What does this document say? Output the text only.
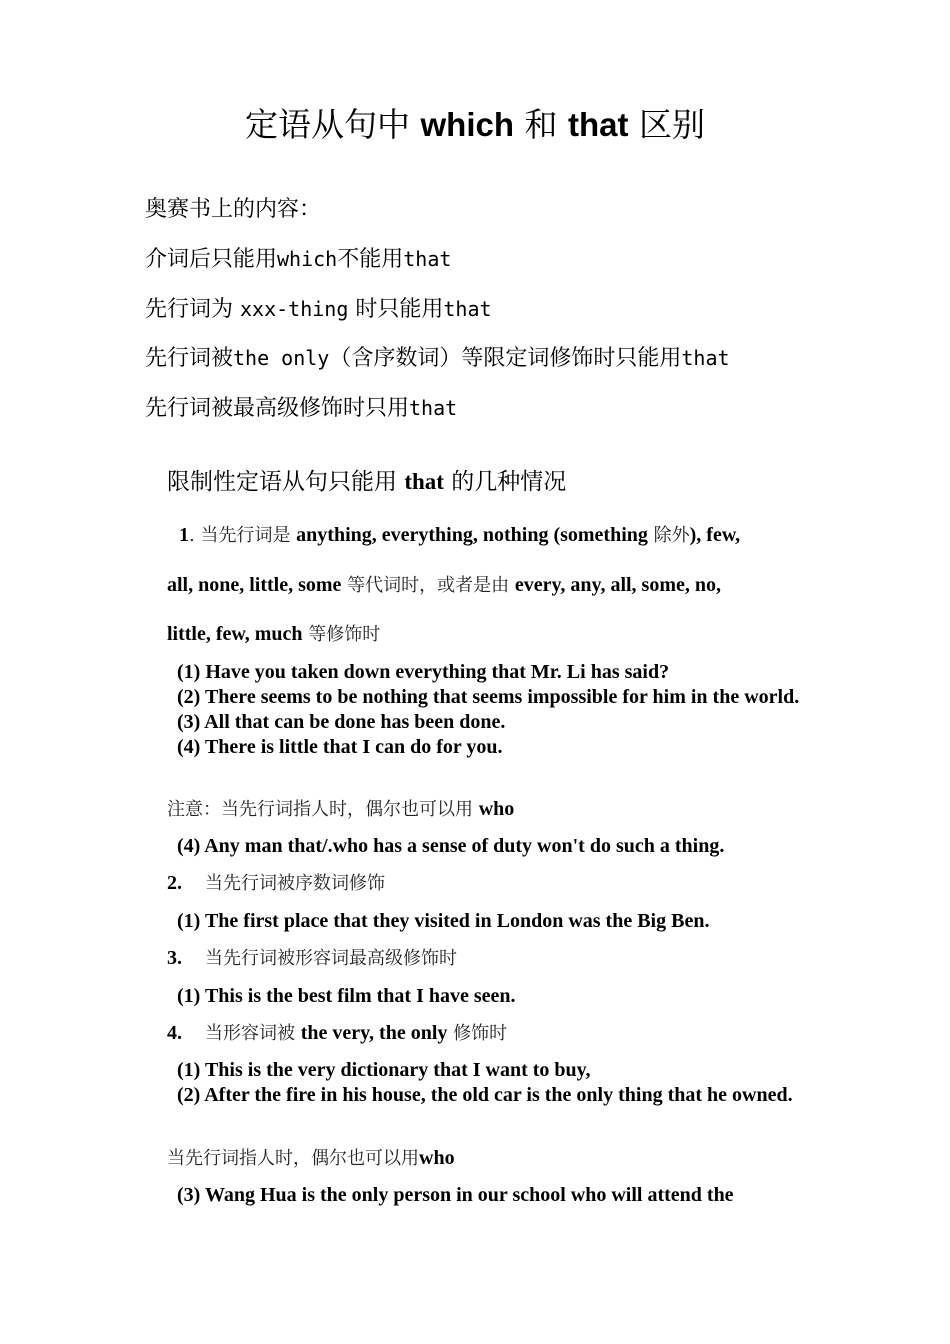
定语从句中 which 和 that 区别
奥赛书上的内容：
介词后只能用which不能用that
先行词为 xxx-thing 时只能用that
先行词被the only（含序数词）等限定词修饰时只能用that
先行词被最高级修饰时只用that
限制性定语从句只能用 that 的几种情况
1. 当先行词是 anything, everything, nothing (something 除外), few,
all, none, little, some 等代词时，或者是由 every, any, all, some, no,
little, few, much 等修饰时
(1) Have you taken down everything that Mr. Li has said?
(2) There seems to be nothing that seems impossible for him in the world.
(3) All that can be done has been done.
(4) There is little that I can do for you.
注意：当先行词指人时，偶尔也可以用 who
(4) Any man that/.who has a sense of duty won't do such a thing.
2. 当先行词被序数词修饰
(1) The first place that they visited in London was the Big Ben.
3. 当先行词被形容词最高级修饰时
(1) This is the best film that I have seen.
4. 当形容词被 the very, the only 修饰时
(1) This is the very dictionary that I want to buy,
(2) After the fire in his house, the old car is the only thing that he owned.
当先行词指人时，偶尔也可以用who
(3) Wang Hua is the only person in our school who will attend the
